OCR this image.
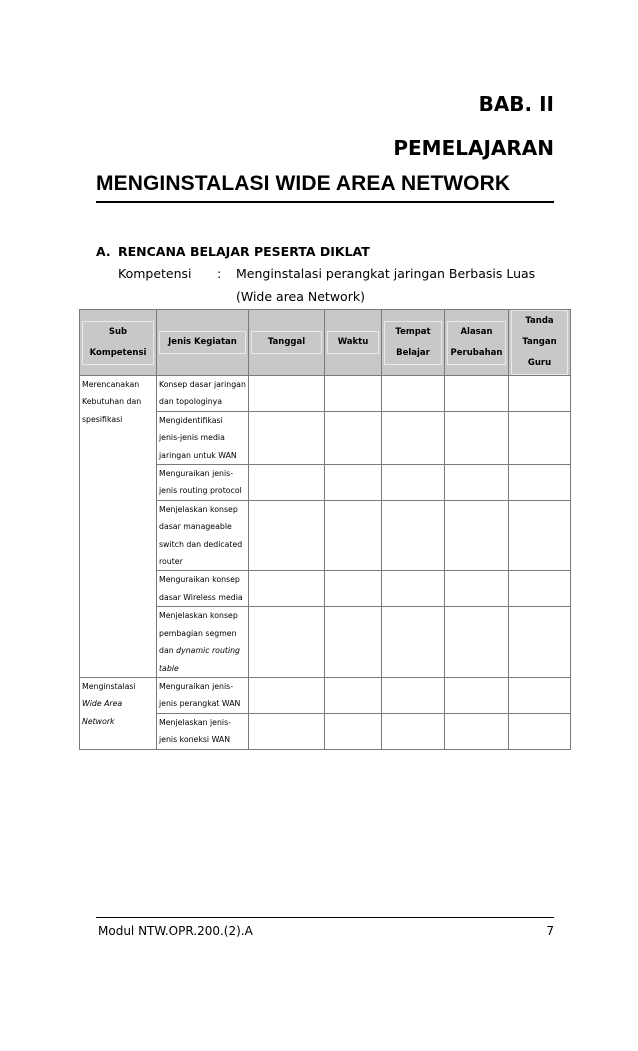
BAB. II
PEMELAJARAN
MENGINSTALASI WIDE AREA NETWORK
A. RENCANA BELAJAR PESERTA DIKLAT
Kompetensi : Menginstalasi perangkat jaringan Berbasis Luas (Wide area Network)
Sub Kompetensi	Jenis Kegiatan	Tanggal	Waktu	Tempat Belajar	Alasan Perubahan	Tanda Tangan Guru

Merencanakan
Kebutuhan dan
spesifikasi	Konsep dasar jaringan dan topologinya					
	Mengidentifikasi jenis-jenis media jaringan untuk WAN					
	Menguraikan jenis-jenis routing protocol					
	Menjelaskan konsep dasar manageable switch dan dedicated router					
	Menguraikan konsep dasar Wireless media					
	Menjelaskan konsep pembagian segmen dan dynamic routing table					

Menginstalasi
Wide Area
Network	Menguraikan jenis-jenis perangkat WAN					
	Menjelaskan jenis-jenis koneksi WAN					
Modul NTW.OPR.200.(2).A	7
